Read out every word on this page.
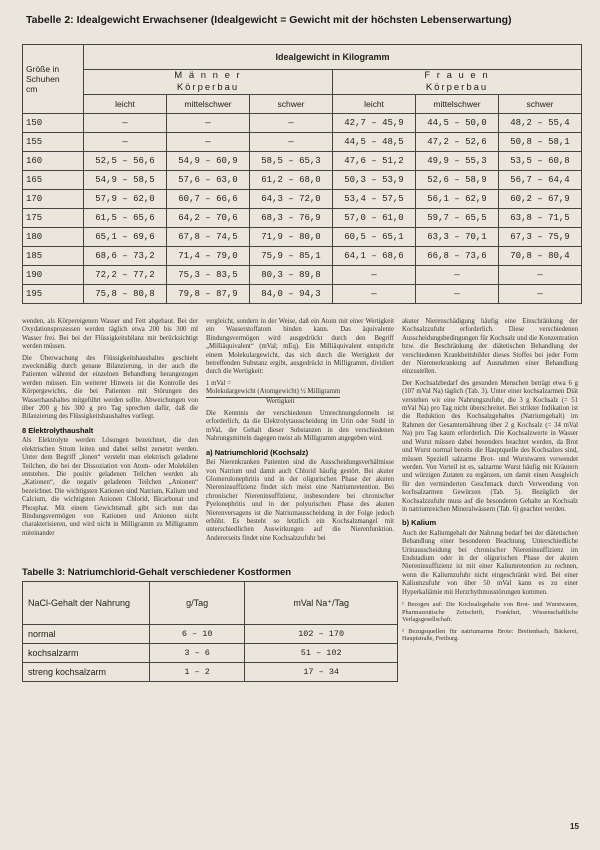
Tabelle 2: Idealgewicht Erwachsener (Idealgewicht = Gewicht mit der höchsten Lebenserwartung)
Größe in
Schuhen
cm	Idealgewicht in Kilogramm					
	M ä n n e r
Körperbau			F r a u e n
Körperbau		
	leicht	mittelschwer	schwer	leicht	mittelschwer	schwer
150	—	—	—	42,7 – 45,9	44,5 – 50,0	48,2 – 55,4
155	—	—	—	44,5 – 48,5	47,2 – 52,6	50,8 – 58,1
160	52,5 – 56,6	54,9 – 60,9	58,5 – 65,3	47,6 – 51,2	49,9 – 55,3	53,5 – 60,8
165	54,9 – 58,5	57,6 – 63,0	61,2 – 68,0	50,3 – 53,9	52,6 – 58,9	56,7 – 64,4
170	57,9 – 62,0	60,7 – 66,6	64,3 – 72,0	53,4 – 57,5	56,1 – 62,9	60,2 – 67,9
175	61,5 – 65,6	64,2 – 70,6	68,3 – 76,9	57,0 – 61,0	59,7 – 65,5	63,8 – 71,5
180	65,1 – 69,6	67,8 – 74,5	71,9 – 80,0	60,5 – 65,1	63,3 – 70,1	67,3 – 75,9
185	68,6 – 73,2	71,4 – 79,0	75,9 – 85,1	64,1 – 68,6	66,8 – 73,6	70,8 – 80,4
190	72,2 – 77,2	75,3 – 83,5	80,3 – 89,8	—	—	—
195	75,8 – 80,8	79,8 – 87,9	84,0 – 94,3	—	—	—

wenden, als Körpereigenen Wasser und Fett abgebaut. Bei der Oxydationsprozessen werden täglich etwa 200 bis 300 ml Wasser frei. Bei bei der Flüssigkeitsbilanz mit berücksichtigt werden müssen.

Die Überwachung des Flüssigkeitshaushaltes geschieht zweckmäßig durch genaue Bilanzierung, in der auch die Patienten während der einzelnen Behandlung herangezogen werden müssen. Ein weiterer Hinweis ist die Kontrolle des Körpergewichts, die bei Patienten mit Störungen des Wasserhaushaltes mitgeführt werden sollte. Abweichungen von über 200 g bis 300 g pro Tag sprechen dafür, daß die Bilanzierung des Flüssigkeitshaushaltes vorliegt.

8 Elektrolythaushalt

Als Elektrolyte werden Lösungen bezeichnet, die den elektrischen Strom leiten und dabei selbst zersetzt werden. Unter dem Begriff „Ionen“ versteht man elektrisch geladene Teilchen, die bei der Dissoziation von Atom- oder Molekülen entstehen. Die positiv geladenen Teilchen werden als „Kationen“, die negativ geladenen Teilchen „Anionen“ bezeichnet. Die wichtigsten Kationen sind Natrium, Kalium und Calcium, die wichtigsten Anionen Chlorid, Bicarbonat und Phosphat. Mit einem Gewichtsmaß gibt sich nun das Bindungsvermögen von Kationen und Anionen nicht charakterisieren, und wird nicht in Milligramm zu Milligramm miteinander

vergleicht, sondern in der Weise, daß ein Atom mit einer Wertigkeit ein Wasserstoffatom binden kann. Das äquivalente Bindungsvermögen wird ausgedrückt durch den Begriff „Milliäquivalent“ (mVal; mEq). Ein Milliäquivalent entspricht einem Molekulargewicht, das sich durch die Wertigkeit der betreffenden Substanz ergibt, ausgedrückt in Milligramm, dividiert durch die Wertigkeit:

1 mVal =
Molekulargewicht (Atomgewicht) ½ Milligramm
Wertigkeit

Die Kenntnis der verschiedenen Umrechnungsformeln ist erforderlich, da die Elektrolytausscheidung im Urin oder Stuhl in mVal, der Gehalt dieser Substanzen in den verschiedenen Nahrungsmitteln dagegen meist als Milligramm angegeben wird.

a) Natriumchlorid (Kochsalz)

Bei Nierenkranken Patienten sind die Ausscheidungsverhältnisse von Natrium und damit auch Chlorid häufig gestört. Bei akuter Glomerulonephritis und in der oligurischen Phase der akuten Niereninsuffizienz findet sich meist eine Natriumretention. Bei chronischer Niereninsuffizienz, insbesondere bei chronischer Pyelonephritis und in der polyurischen Phase des akuten Nierenversagens ist die Natriumausscheidung in der Folge jedoch erhöht. Es besteht so letztlich ein Kochsalzmangel mit unterschiedlichen Auswirkungen auf die Nierenfunktion. Andererseits findet eine Kochsalzzufuhr bei

akuter Nierenschädigung häufig eine Einschränkung der Kochsalzzufuhr erforderlich. Diese verschiedenen Ausscheidungsbedingungen für Kochsalz und die Konzentration bzw. die Beschränkung der diätetischen Behandlung der verschiedenen Krankheitsbilder dieses Stoffes bei jeder Form der Nierenerkrankung auf Ausnahmen einer Behandlung einzustellen.

Der Kochsalzbedarf des gesunden Menschen beträgt etwa 6 g (107 mVal Na) täglich (Tab. 3). Unter einer kochsalzarmen Diät verstehen wir eine Nahrungszufuhr, die 3 g Kochsalz (= 51 mVal Na) pro Tag nicht überschreitet. Bei strikter Indikation ist die Reduktion des Kochsalzgehaltes (Natriumgehalt) im Rahmen der Gesamternährung über 2 g Kochsalz (= 34 mVal Na) pro Tag kaum erforderlich. Die Kochsalzwerte in Wasser und Wurst müssen dabei besonders beachtet werden, da Brot und Wurst normal bereits die Hauptquelle des Kochsalzes sind, müssen Speziell salzarme Brot- und Wurstwaren verwendet werden. Von Vorteil ist es, salzarme Wurst häufig mit Kräutern und würzigen Zutaten zu ergänzen, um damit einen Ausgleich für den verminderten Geschmack durch Verwendung von kochsalzarmen Gewürzen (Tab. 5). Bezüglich der Kochsalzzufuhr muss auf die besonderen Gehalte an Kochsalz in natriumreichen Mineralwässern (Tab. 6) geachtet werden.

b) Kalium

Auch der Kaliumgehalt der Nahrung bedarf bei der diätetischen Behandlung einer besonderen Beachtung. Unterschiedliche Urinausscheidung bei chronischer Niereninsuffizienz im Endstadium oder in der oligurischen Phase der akuten Niereninsuffizienz ist mit einer Kaliumretention zu rechnen, wenn die Kaliumzufuhr nicht eingeschränkt wird. Bei einer Kaliumzufuhr von über 50 mVal kann es zu einer Hyperkaliämie mit Herzrhythmusstörungen kommen.

¹ Bezogen auf: Die Kochsalzgehalte von Brot- und Wurstwaren, Pharmazeutische Zeitschrift, Frankfurt, Wissenschaftliche Verlagsgesellschaft.
² Bezugsquellen für natriumarme Brote: Breitenbach, Bäckerei, Hauptstraße, Freiburg.
Tabelle 3: Natriumchlorid-Gehalt verschiedener Kostformen
NaCl-Gehalt der Nahrung	g/Tag	mVal Na⁺/Tag
normal	6 – 10	102 – 170
kochsalzarm	3 – 6	51 – 102
streng kochsalzarm	1 – 2	17 – 34
15
